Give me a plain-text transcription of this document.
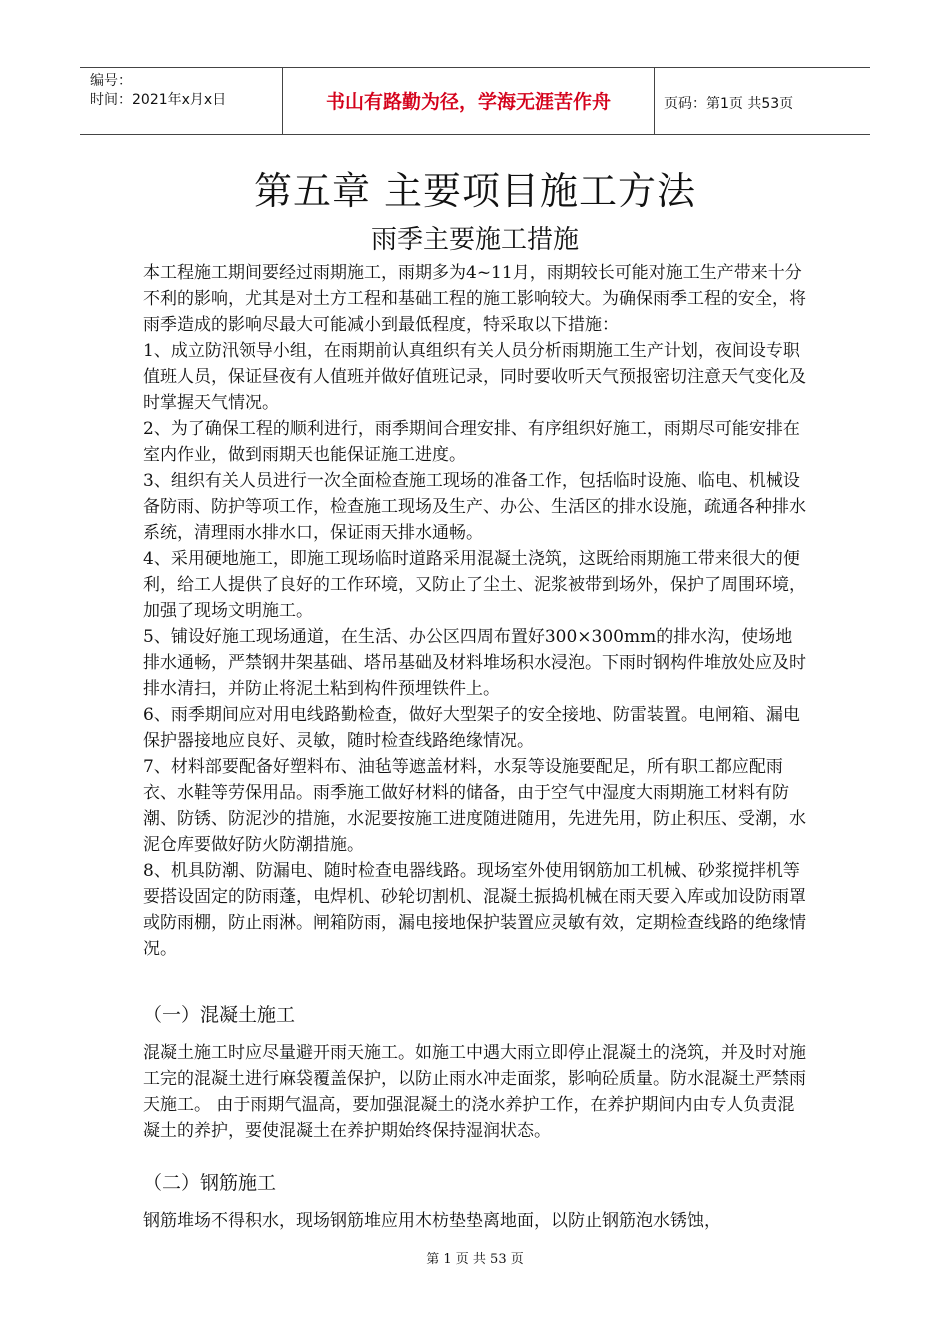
编号：
时间：2021年x月x日	书山有路勤为径，学海无涯苦作舟	页码：第1页 共53页
第五章 主要项目施工方法
雨季主要施工措施

本工程施工期间要经过雨期施工，雨期多为4~11月，雨期较长可能对施工生产带来十分不利的影响，尤其是对土方工程和基础工程的施工影响较大。为确保雨季工程的安全，将雨季造成的影响尽最大可能减小到最低程度，特采取以下措施：

1、成立防汛领导小组，在雨期前认真组织有关人员分析雨期施工生产计划，夜间设专职值班人员，保证昼夜有人值班并做好值班记录，同时要收听天气预报密切注意天气变化及时掌握天气情况。

2、为了确保工程的顺利进行，雨季期间合理安排、有序组织好施工，雨期尽可能安排在室内作业，做到雨期天也能保证施工进度。

3、组织有关人员进行一次全面检查施工现场的准备工作，包括临时设施、临电、机械设备防雨、防护等项工作，检查施工现场及生产、办公、生活区的排水设施，疏通各种排水系统，清理雨水排水口，保证雨天排水通畅。

4、采用硬地施工，即施工现场临时道路采用混凝土浇筑，这既给雨期施工带来很大的便利，给工人提供了良好的工作环境，又防止了尘土、泥浆被带到场外，保护了周围环境，加强了现场文明施工。

5、铺设好施工现场通道，在生活、办公区四周布置好300×300mm的排水沟，使场地排水通畅，严禁钢井架基础、塔吊基础及材料堆场积水浸泡。下雨时钢构件堆放处应及时排水清扫，并防止将泥土粘到构件预埋铁件上。

6、雨季期间应对用电线路勤检查，做好大型架子的安全接地、防雷装置。电闸箱、漏电保护器接地应良好、灵敏，随时检查线路绝缘情况。

7、材料部要配备好塑料布、油毡等遮盖材料，水泵等设施要配足，所有职工都应配雨衣、水鞋等劳保用品。雨季施工做好材料的储备，由于空气中湿度大雨期施工材料有防潮、防锈、防泥沙的措施，水泥要按施工进度随进随用，先进先用，防止积压、受潮，水泥仓库要做好防火防潮措施。

8、机具防潮、防漏电、随时检查电器线路。现场室外使用钢筋加工机械、砂浆搅拌机等要搭设固定的防雨蓬，电焊机、砂轮切割机、混凝土振捣机械在雨天要入库或加设防雨罩或防雨棚，防止雨淋。闸箱防雨，漏电接地保护装置应灵敏有效，定期检查线路的绝缘情况。

（一）混凝土施工

混凝土施工时应尽量避开雨天施工。如施工中遇大雨立即停止混凝土的浇筑，并及时对施工完的混凝土进行麻袋覆盖保护，以防止雨水冲走面浆，影响砼质量。防水混凝土严禁雨天施工。 由于雨期气温高，要加强混凝土的浇水养护工作，在养护期间内由专人负责混凝土的养护，要使混凝土在养护期始终保持湿润状态。

（二）钢筋施工

钢筋堆场不得积水，现场钢筋堆应用木枋垫垫离地面，以防止钢筋泡水锈蚀，

第 1 页 共 53 页
